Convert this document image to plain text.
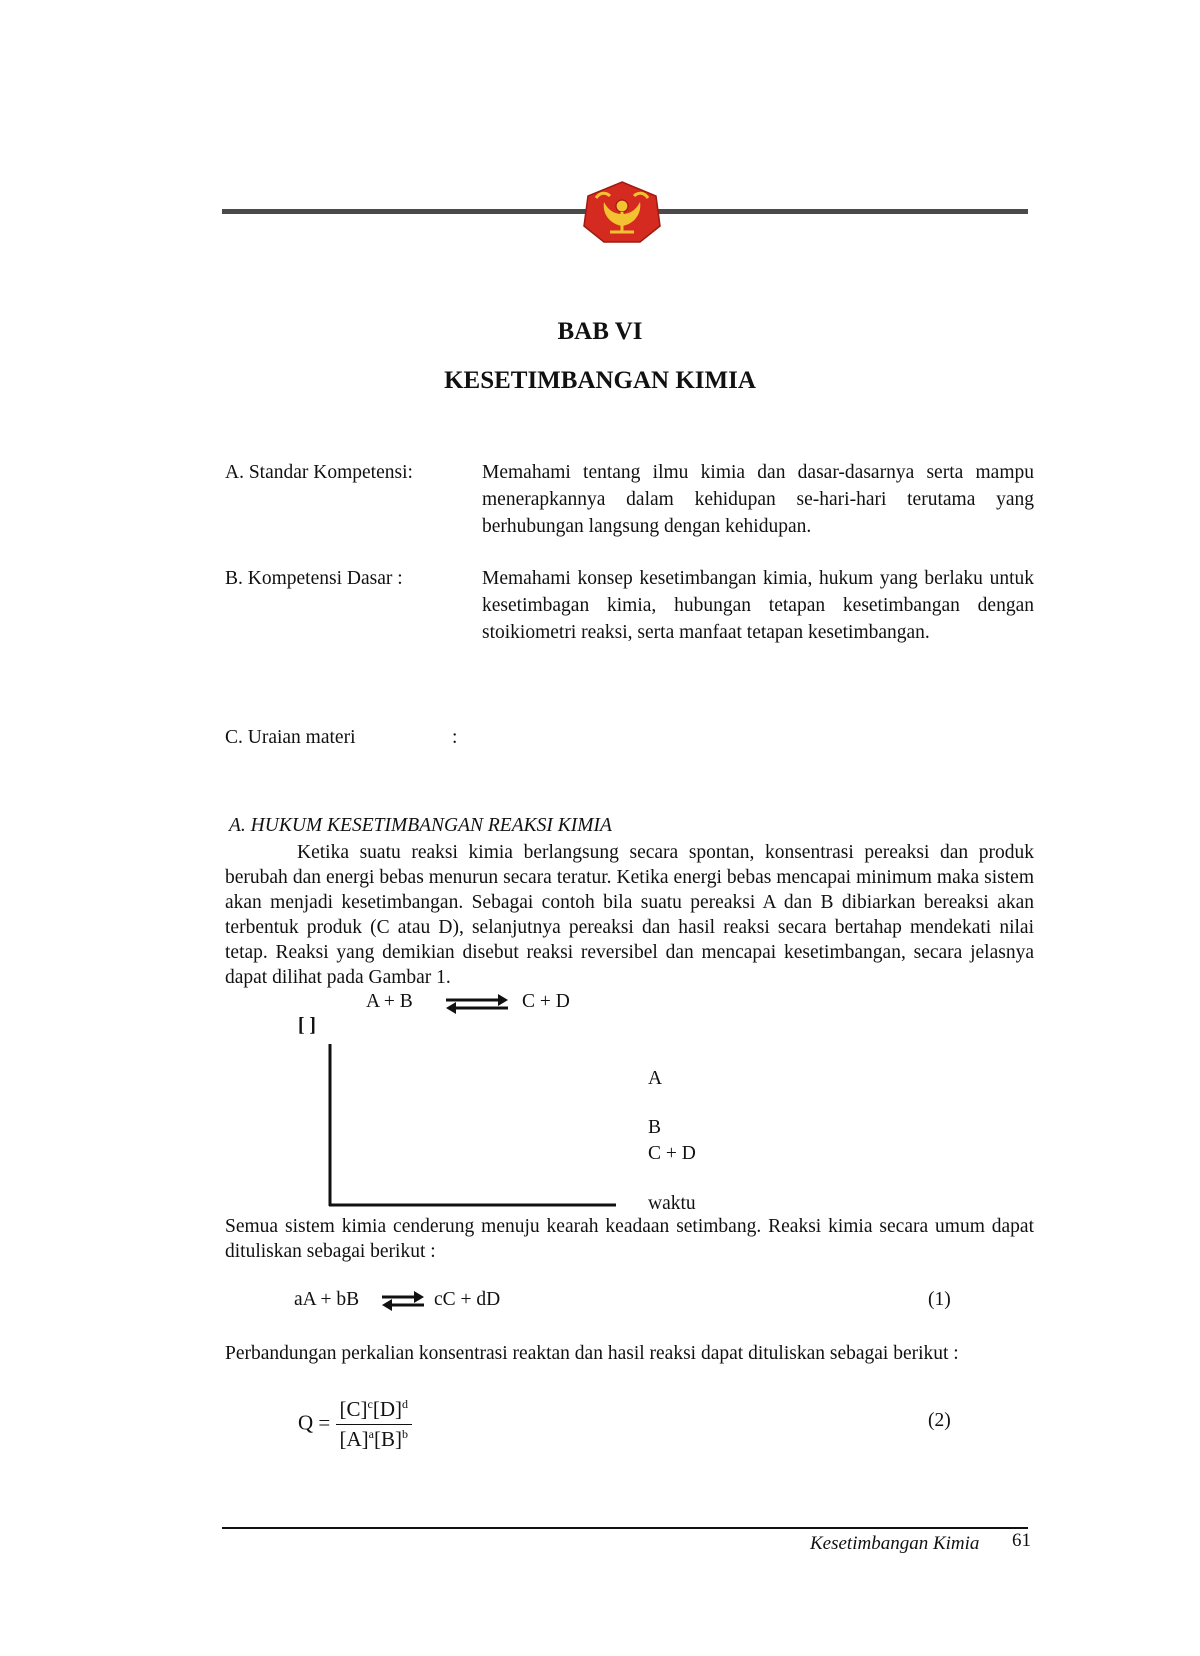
BAB VI
KESETIMBANGAN KIMIA
A. Standar Kompetensi:	Memahami tentang ilmu kimia dan dasar-dasarnya serta mampu menerapkannya dalam kehidupan se-hari-hari terutama yang berhubungan langsung dengan kehidupan.
B. Kompetensi Dasar :	Memahami konsep kesetimbangan kimia, hukum yang berlaku untuk kesetimbagan kimia, hubungan tetapan kesetimbangan dengan stoikiometri reaksi, serta manfaat tetapan kesetimbangan.
C. Uraian materi	:
A. HUKUM KESETIMBANGAN REAKSI KIMIA

Ketika suatu reaksi kimia berlangsung secara spontan, konsentrasi pereaksi dan produk berubah dan energi bebas menurun secara teratur. Ketika energi bebas mencapai minimum maka sistem akan menjadi kesetimbangan. Sebagai contoh bila suatu pereaksi A dan B dibiarkan bereaksi akan terbentuk produk (C atau D), selanjutnya pereaksi dan hasil reaksi secara bertahap mendekati nilai tetap. Reaksi yang demikian disebut reaksi reversibel dan mencapai kesetimbangan, secara jelasnya dapat dilihat pada Gambar 1.

A + B	C + D
[ ]
A
B
C + D
waktu
Semua sistem kimia cenderung menuju kearah keadaan setimbang. Reaksi kimia secara umum dapat dituliskan sebagai berikut :
aA + bB	cC + dD	(1)
Perbandungan perkalian konsentrasi reaktan dan hasil reaksi dapat dituliskan sebagai berikut :
$Q = \frac{[C]^c[D]^d}{[A]^a[B]^b}$	(2)
Kesetimbangan Kimia 61
